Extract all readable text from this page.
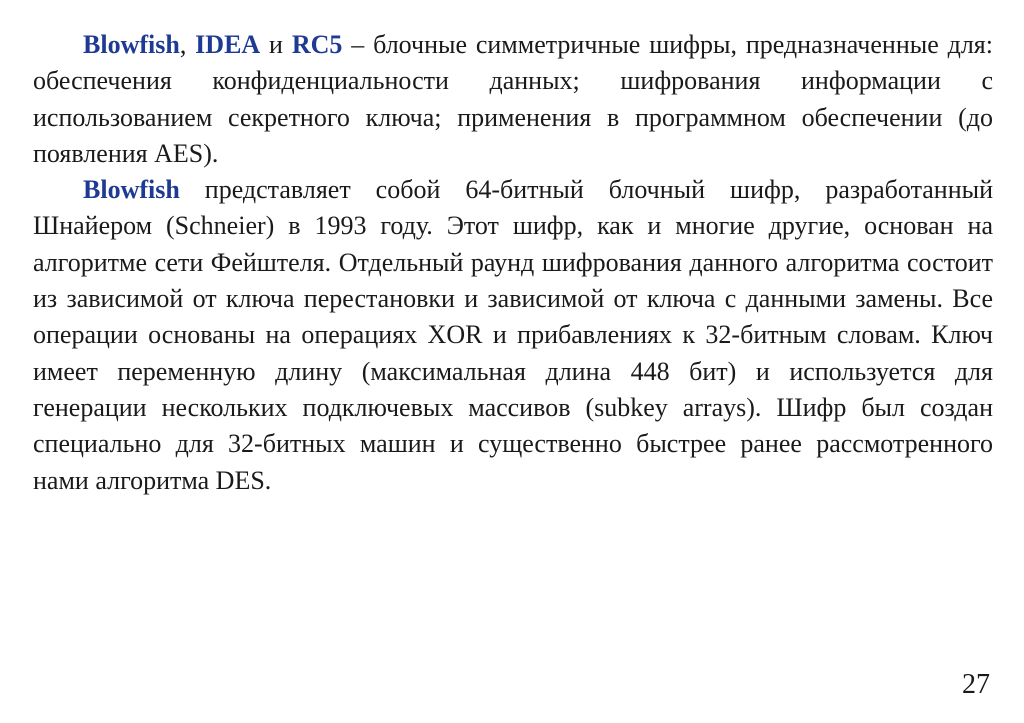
Blowfish, IDEA и RC5 – блочные симметричные шифры, предназначенные для: обеспечения конфиденциальности данных; шифрования информации с использованием секретного ключа; применения в программном обеспечении (до появления AES).

Blowfish представляет собой 64-битный блочный шифр, разработанный Шнайером (Schneier) в 1993 году. Этот шифр, как и многие другие, основан на алгоритме сети Фейштеля. Отдельный раунд шифрования данного алгоритма состоит из зависимой от ключа перестановки и зависимой от ключа с данными замены. Все операции основаны на операциях XOR и прибавлениях к 32-битным словам. Ключ имеет переменную длину (максимальная длина 448 бит) и используется для генерации нескольких подключевых массивов (subkey arrays). Шифр был создан специально для 32-битных машин и существенно быстрее ранее рассмотренного нами алгоритма DES.

27
